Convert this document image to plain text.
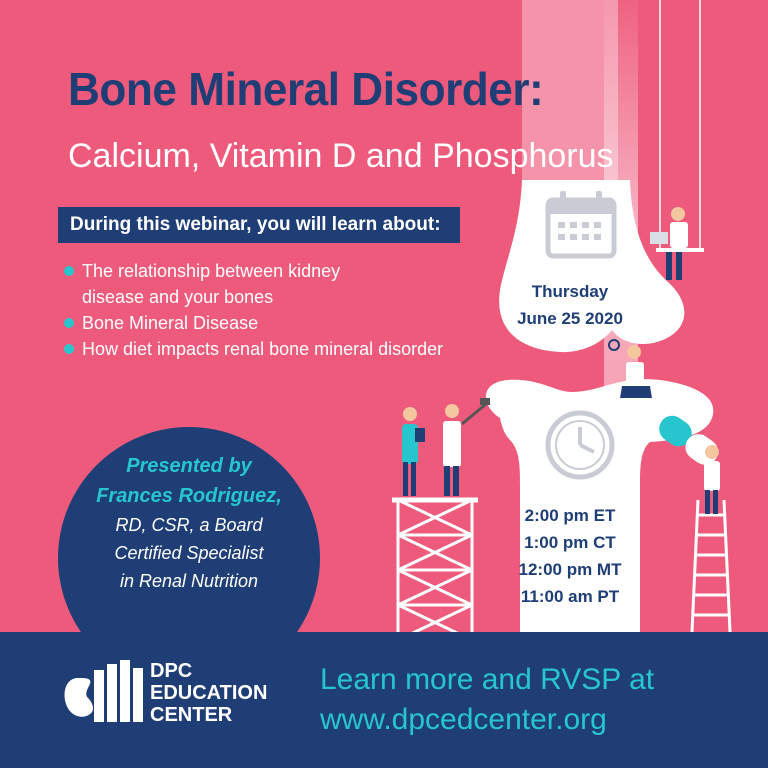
Bone Mineral Disorder:
Calcium, Vitamin D and Phosphorus
During this webinar, you will learn about:
The relationship between kidney
disease and your bones
Bone Mineral Disease
How diet impacts renal bone mineral disorder
Thursday
June 25 2020
2:00 pm ET
1:00 pm CT
12:00 pm MT
11:00 am PT
Presented by
Frances Rodriguez,
RD, CSR, a Board
Certified Specialist
in Renal Nutrition
DPC
EDUCATION
CENTER
Learn more and RVSP at
www.dpcedcenter.org
